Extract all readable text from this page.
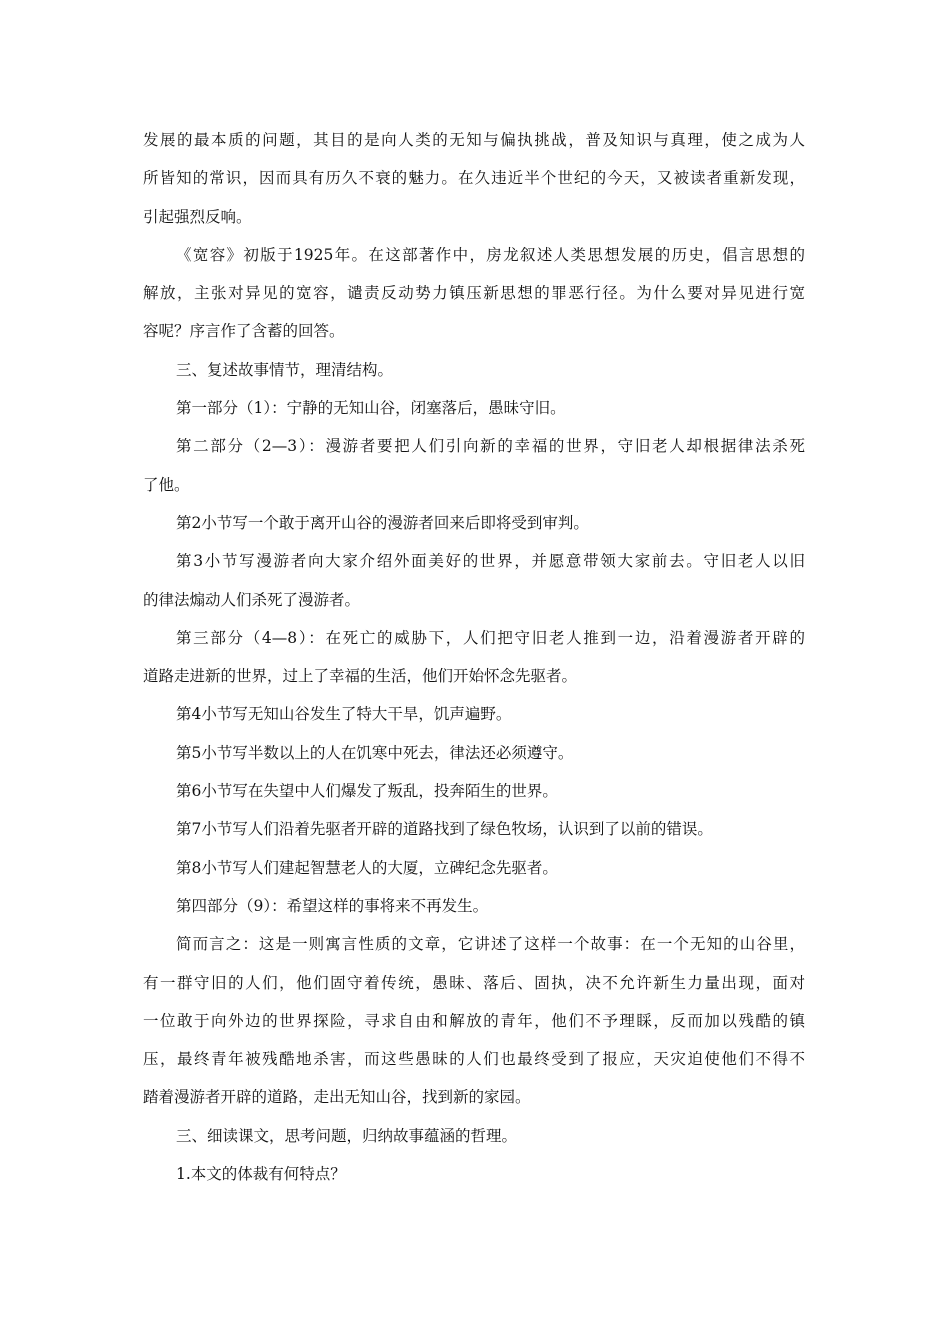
发展的最本质的问题，其目的是向人类的无知与偏执挑战，普及知识与真理，使之成为人
所皆知的常识，因而具有历久不衰的魅力。在久违近半个世纪的今天，又被读者重新发现，
引起强烈反响。
《宽容》初版于1925年。在这部著作中，房龙叙述人类思想发展的历史，倡言思想的
解放，主张对异见的宽容，谴责反动势力镇压新思想的罪恶行径。为什么要对异见进行宽
容呢？序言作了含蓄的回答。
三、复述故事情节，理清结构。
第一部分（1）：宁静的无知山谷，闭塞落后，愚昧守旧。
第二部分（2—3）：漫游者要把人们引向新的幸福的世界，守旧老人却根据律法杀死
了他。
第2小节写一个敢于离开山谷的漫游者回来后即将受到审判。
第3小节写漫游者向大家介绍外面美好的世界，并愿意带领大家前去。守旧老人以旧
的律法煽动人们杀死了漫游者。
第三部分（4—8）：在死亡的威胁下，人们把守旧老人推到一边，沿着漫游者开辟的
道路走进新的世界，过上了幸福的生活，他们开始怀念先驱者。
第4小节写无知山谷发生了特大干旱，饥声遍野。
第5小节写半数以上的人在饥寒中死去，律法还必须遵守。
第6小节写在失望中人们爆发了叛乱，投奔陌生的世界。
第7小节写人们沿着先驱者开辟的道路找到了绿色牧场，认识到了以前的错误。
第8小节写人们建起智慧老人的大厦，立碑纪念先驱者。
第四部分（9）：希望这样的事将来不再发生。
简而言之：这是一则寓言性质的文章，它讲述了这样一个故事：在一个无知的山谷里，
有一群守旧的人们，他们固守着传统，愚昧、落后、固执，决不允许新生力量出现，面对
一位敢于向外边的世界探险，寻求自由和解放的青年，他们不予理睬，反而加以残酷的镇
压，最终青年被残酷地杀害，而这些愚昧的人们也最终受到了报应，天灾迫使他们不得不
踏着漫游者开辟的道路，走出无知山谷，找到新的家园。
三、细读课文，思考问题，归纳故事蕴涵的哲理。
1.本文的体裁有何特点？
